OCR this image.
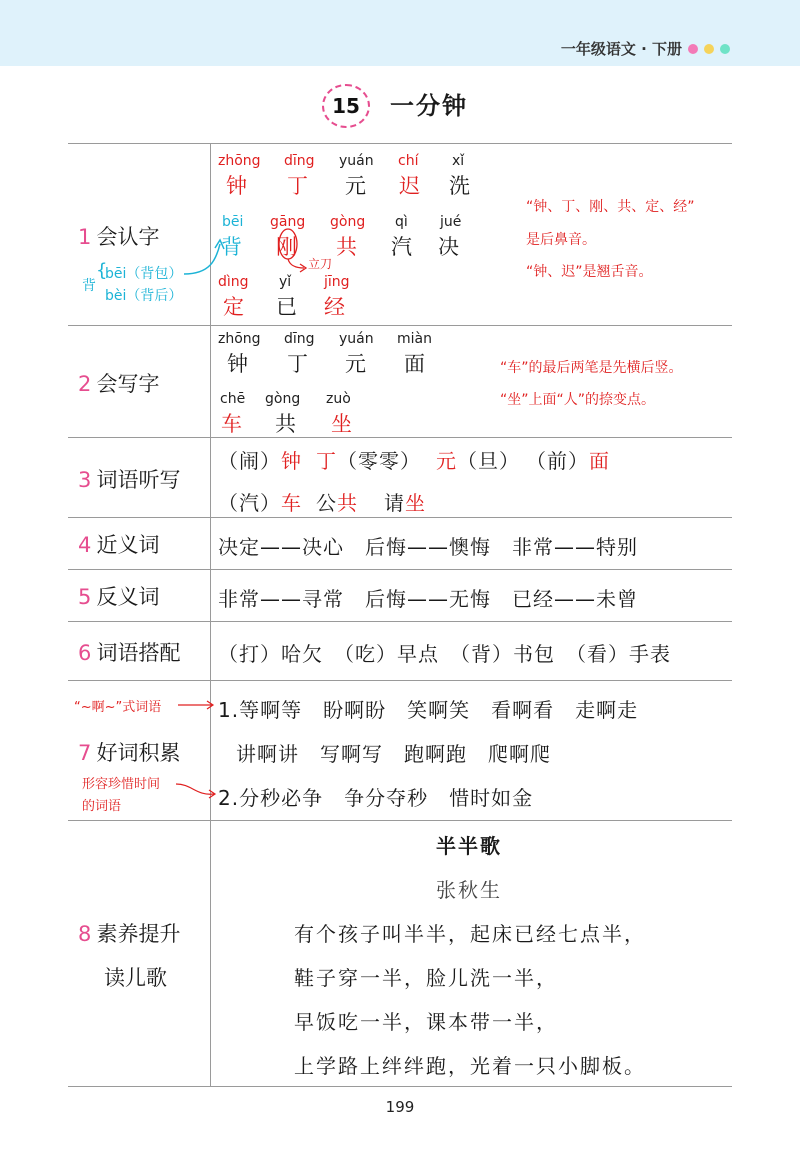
一年级语文 · 下册
15	一分钟
1 会认字
2 会写字
3 词语听写
4 近义词
5 反义词
6 词语搭配
7 好词积累
8 素养提升
读儿歌
zhōng dīng yuán chí xǐ
钟 丁 元 迟 洗
bēi gāng gòng qì jué
背 刚 共 汽 决
dìng yǐ jīng
定 已 经
背
{
bēi（背包）
bèi（背后）
立刀
“钟、丁、刚、共、定、经”
是后鼻音。
“钟、迟”是翘舌音。
zhōng dīng yuán miàn
钟 丁 元 面
chē gòng zuò
车 共 坐
“车”的最后两笔是先横后竖。
“坐”上面“人”的捺变点。
（闹）钟 丁（零零） 元（旦） （前）面
（汽）车 公共 请坐
决定——决心　后悔——懊悔　非常——特别
非常——寻常　后悔——无悔　已经——未曾
（打）哈欠　（吃）早点　（背）书包　（看）手表
1.等啊等　盼啊盼　笑啊笑　看啊看　走啊走
讲啊讲　写啊写　跑啊跑　爬啊爬
2.分秒必争　争分夺秒　惜时如金
“~啊~”式词语
形容珍惜时间
的词语
半半歌
张秋生
有个孩子叫半半，起床已经七点半，
鞋子穿一半，脸儿洗一半，
早饭吃一半，课本带一半，
上学路上绊绊跑，光着一只小脚板。
199
